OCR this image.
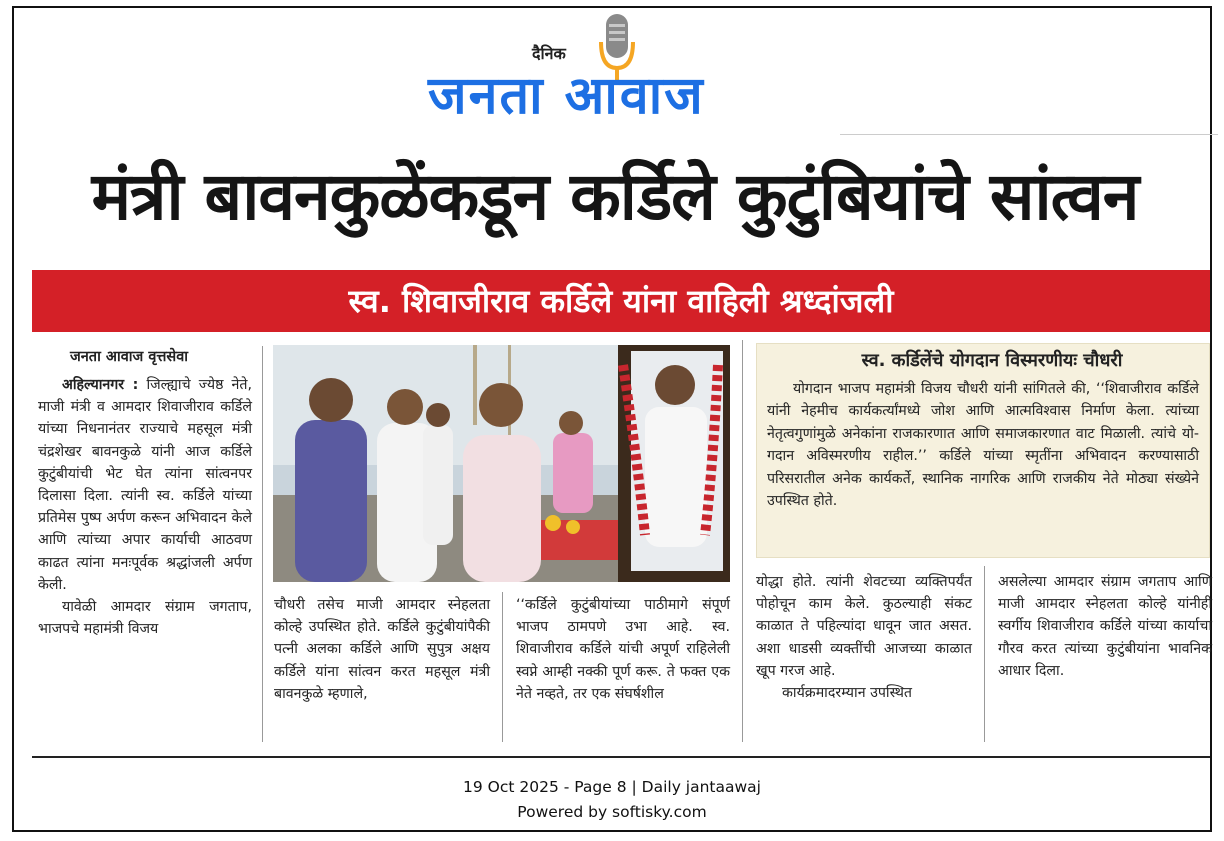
दैनिक
जनता आवाज
मंत्री बावनकुळेंकडून कर्डिले कुटुंबियांचे सांत्वन
स्व. शिवाजीराव कर्डिले यांना वाहिली श्रध्दांजली
जनता आवाज वृत्तसेवा

अहिल्यानगर : जिल्ह्याचे ज्येष्ठ नेते, माजी मंत्री व आमदार शिवाजीराव कर्डिले यांच्या निधनानंतर राज्याचे महसूल मंत्री चंद्रशेखर बावनकुळे यांनी आज कर्डिले कुटुंबीयांची भेट घेत त्यांना सांत्वनपर दिलासा दिला. त्यांनी स्व. कर्डिले यांच्या प्रतिमेस पुष्प अर्पण करून अभिवादन केले आणि त्यांच्या अपार कार्याची आठवण काढत त्यांना मनःपूर्वक श्रद्धांजली अर्पण केली.

यावेळी आमदार संग्राम जगताप, भाजपचे महामंत्री विजय

चौधरी तसेच माजी आमदार स्नेहलता कोल्हे उपस्थित होते. कर्डिले कुटुंबीयांपैकी पत्नी अलका कर्डिले आणि सुपुत्र अक्षय कर्डिले यांना सांत्वन करत महसूल मंत्री बावनकुळे म्हणाले,

‘‘कर्डिले कुटुंबीयांच्या पाठीमागे संपूर्ण भाजप ठामपणे उभा आहे. स्व. शिवाजीराव कर्डिले यांची अपूर्ण राहिलेली स्वप्ने आम्ही नक्की पूर्ण करू. ते फक्त एक नेते नव्हते, तर एक संघर्षशील

योद्धा होते. त्यांनी शेवटच्या व्यक्तिपर्यंत पोहोचून काम केले. कुठल्याही संकट काळात ते पहिल्यांदा धावून जात असत. अशा धाडसी व्यक्तींची आजच्या काळात खूप गरज आहे.

कार्यक्रमादरम्यान उपस्थित

असलेल्या आमदार संग्राम जगताप आणि माजी आमदार स्नेहलता कोल्हे यांनीही स्वर्गीय शिवाजीराव कर्डिले यांच्या कार्याचा गौरव करत त्यांच्या कुटुंबीयांना भावनिक आधार दिला.

स्व. कर्डिलेंचे योगदान विस्मरणीयः चौधरी

योगदान भाजप महामंत्री विजय चौधरी यांनी सांगितले की, ‘‘शिवाजीराव कर्डिले यांनी नेहमीच कार्यकर्त्यांमध्ये जोश आणि आत्मविश्वास निर्माण केला. त्यांच्या नेतृत्वगुणांमुळे अनेकांना राजकारणात आणि समाजकारणात वाट मिळाली. त्यांचे यो-गदान अविस्मरणीय राहील.’’ कर्डिले यांच्या स्मृतींना अभिवादन करण्यासाठी परिसरातील अनेक कार्यकर्ते, स्थानिक नागरिक आणि राजकीय नेते मोठ्या संख्येने उपस्थित होते.

19 Oct 2025 - Page 8 | Daily jantaawaj
Powered by softisky.com
